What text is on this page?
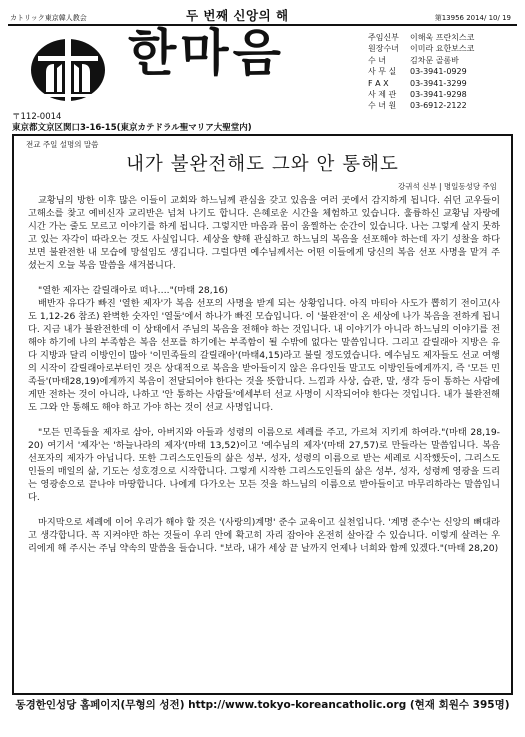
カトリック東京韓人教会	두 번째 신앙의 해	第13956 2014/ 10/ 19
한마음	주임신부	이해욱 프란치스코
원장수녀	이미라 요한보스코
수 녀	김차문 골롬바
사 무 실	03-3941-0929
F A X	03-3941-3299
사 제 관	03-3941-9298
수 녀 원	03-6912-2122
〒112-0014
東京都文京区関口3-16-15(東京カテドラル聖マリア大聖堂内)
전교 주일 설명의 말씀
내가 불완전해도 그와 안 통해도
강귀석 신부 | 명일동성당 주임

교황님의 방한 이후 많은 이들이 교회와 하느님께 관심을 갖고 있음을 여러 곳에서 감지하게 됩니다. 쉬던 교우들이 고해소를 찾고 예비신자 교리반은 넘쳐 나기도 합니다. 은혜로운 시간을 체험하고 있습니다. 훌륭하신 교황님 자랑에 시간 가는 줄도 모르고 이야기를 하게 됩니다. 그렇지만 마음과 몸이 움찔하는 순간이 있습니다. 나는 그렇게 살지 못하고 있는 자각이 따라오는 것도 사실입니다. 세상을 향해 관심하고 하느님의 복음을 선포해야 하는데 자기 성찰을 하다보면 불완전한 내 모습에 망설임도 생깁니다. 그럴다면 예수님께서는 어떤 이들에게 당신의 복음 선포 사명을 맡겨 주셨는지 오늘 복음 말씀을 새겨봅니다.

"열한 제자는 갈릴래아로 떠나…."(마태 28,16)

배반자 유다가 빠진 '열한 제자'가 복음 선포의 사명을 받게 되는 상황입니다. 아직 마티아 사도가 뽑히기 전이고(사도 1,12-26 참조) 완벽한 숫자인 '열둘'에서 하나가 빠진 모습입니다. 이 '불완전'이 온 세상에 나가 복음을 전하게 됩니다. 지금 내가 불완전한데 이 상태에서 주님의 복음을 전해야 하는 것입니다. 내 이야기가 아니라 하느님의 이야기를 전해야 하기에 나의 부족함은 복음 선포를 하기에는 부족함이 될 수밖에 없다는 말씀입니다. 그리고 갈릴래아 지방은 유다 지방과 달리 이방인이 많아 '이민족들의 갈릴래아'(마태4,15)라고 불릴 정도였습니다. 예수님도 제자들도 선교 여행의 시작이 갈릴래아로부터인 것은 상대적으로 복음을 받아들이지 않은 유다인들 말고도 이방인들에게까지, 즉 '모든 민족들'(마태28,19)에게까지 복음이 전달되어야 한다는 것을 뜻합니다. 느낌과 사상, 습관, 말, 생각 등이 통하는 사람에게만 전하는 것이 아니라, 나하고 '안 통하는 사람들'에세부터 선교 사명이 시작되어야 한다는 것입니다. 내가 불완전해도 그와 안 통해도 해야 하고 가야 하는 것이 선교 사명입니다.

"모든 민족들을 제자로 삼아, 아버지와 아들과 성령의 이름으로 세례를 주고, 가르쳐 지키게 하여라."(마태 28,19-20) 여기서 '제자'는 '하늘나라의 제자'(마태 13,52)이고 '예수님의 제자'(마태 27,57)로 만들라는 말씀입니다. 복음 선포자의 제자가 아닙니다. 또한 그리스도인들의 삶은 성부, 성자, 성령의 이름으로 받는 세례로 시작했듯이, 그리스도인들의 매일의 삶, 기도는 성호경으로 시작합니다. 그렇게 시작한 그리스도인들의 삶은 성부, 성자, 성령께 영광을 드리는 영광송으로 끝나야 마땅합니다. 나에게 다가오는 모든 것을 하느님의 이름으로 받아들이고 마무리하라는 말씀입니다.

마지막으로 세례에 이어 우리가 해야 할 것은 '(사랑의)계명' 준수 교육이고 실천입니다. '계명 준수'는 신앙의 뼈대라고 생각합니다. 꼭 지켜야만 하는 것들이 우리 안에 확고히 자리 잡아야 온전히 살아갈 수 있습니다. 이렇게 살려는 우리에게 해 주시는 주님 약속의 말씀을 들습니다. "보라, 내가 세상 끝 날까지 언제나 너희와 함께 있겠다."(마태 28,20)

동경한인성당 홈페이지(무형의 성전) http://www.tokyo-koreancatholic.org (현재 회원수 395명)
